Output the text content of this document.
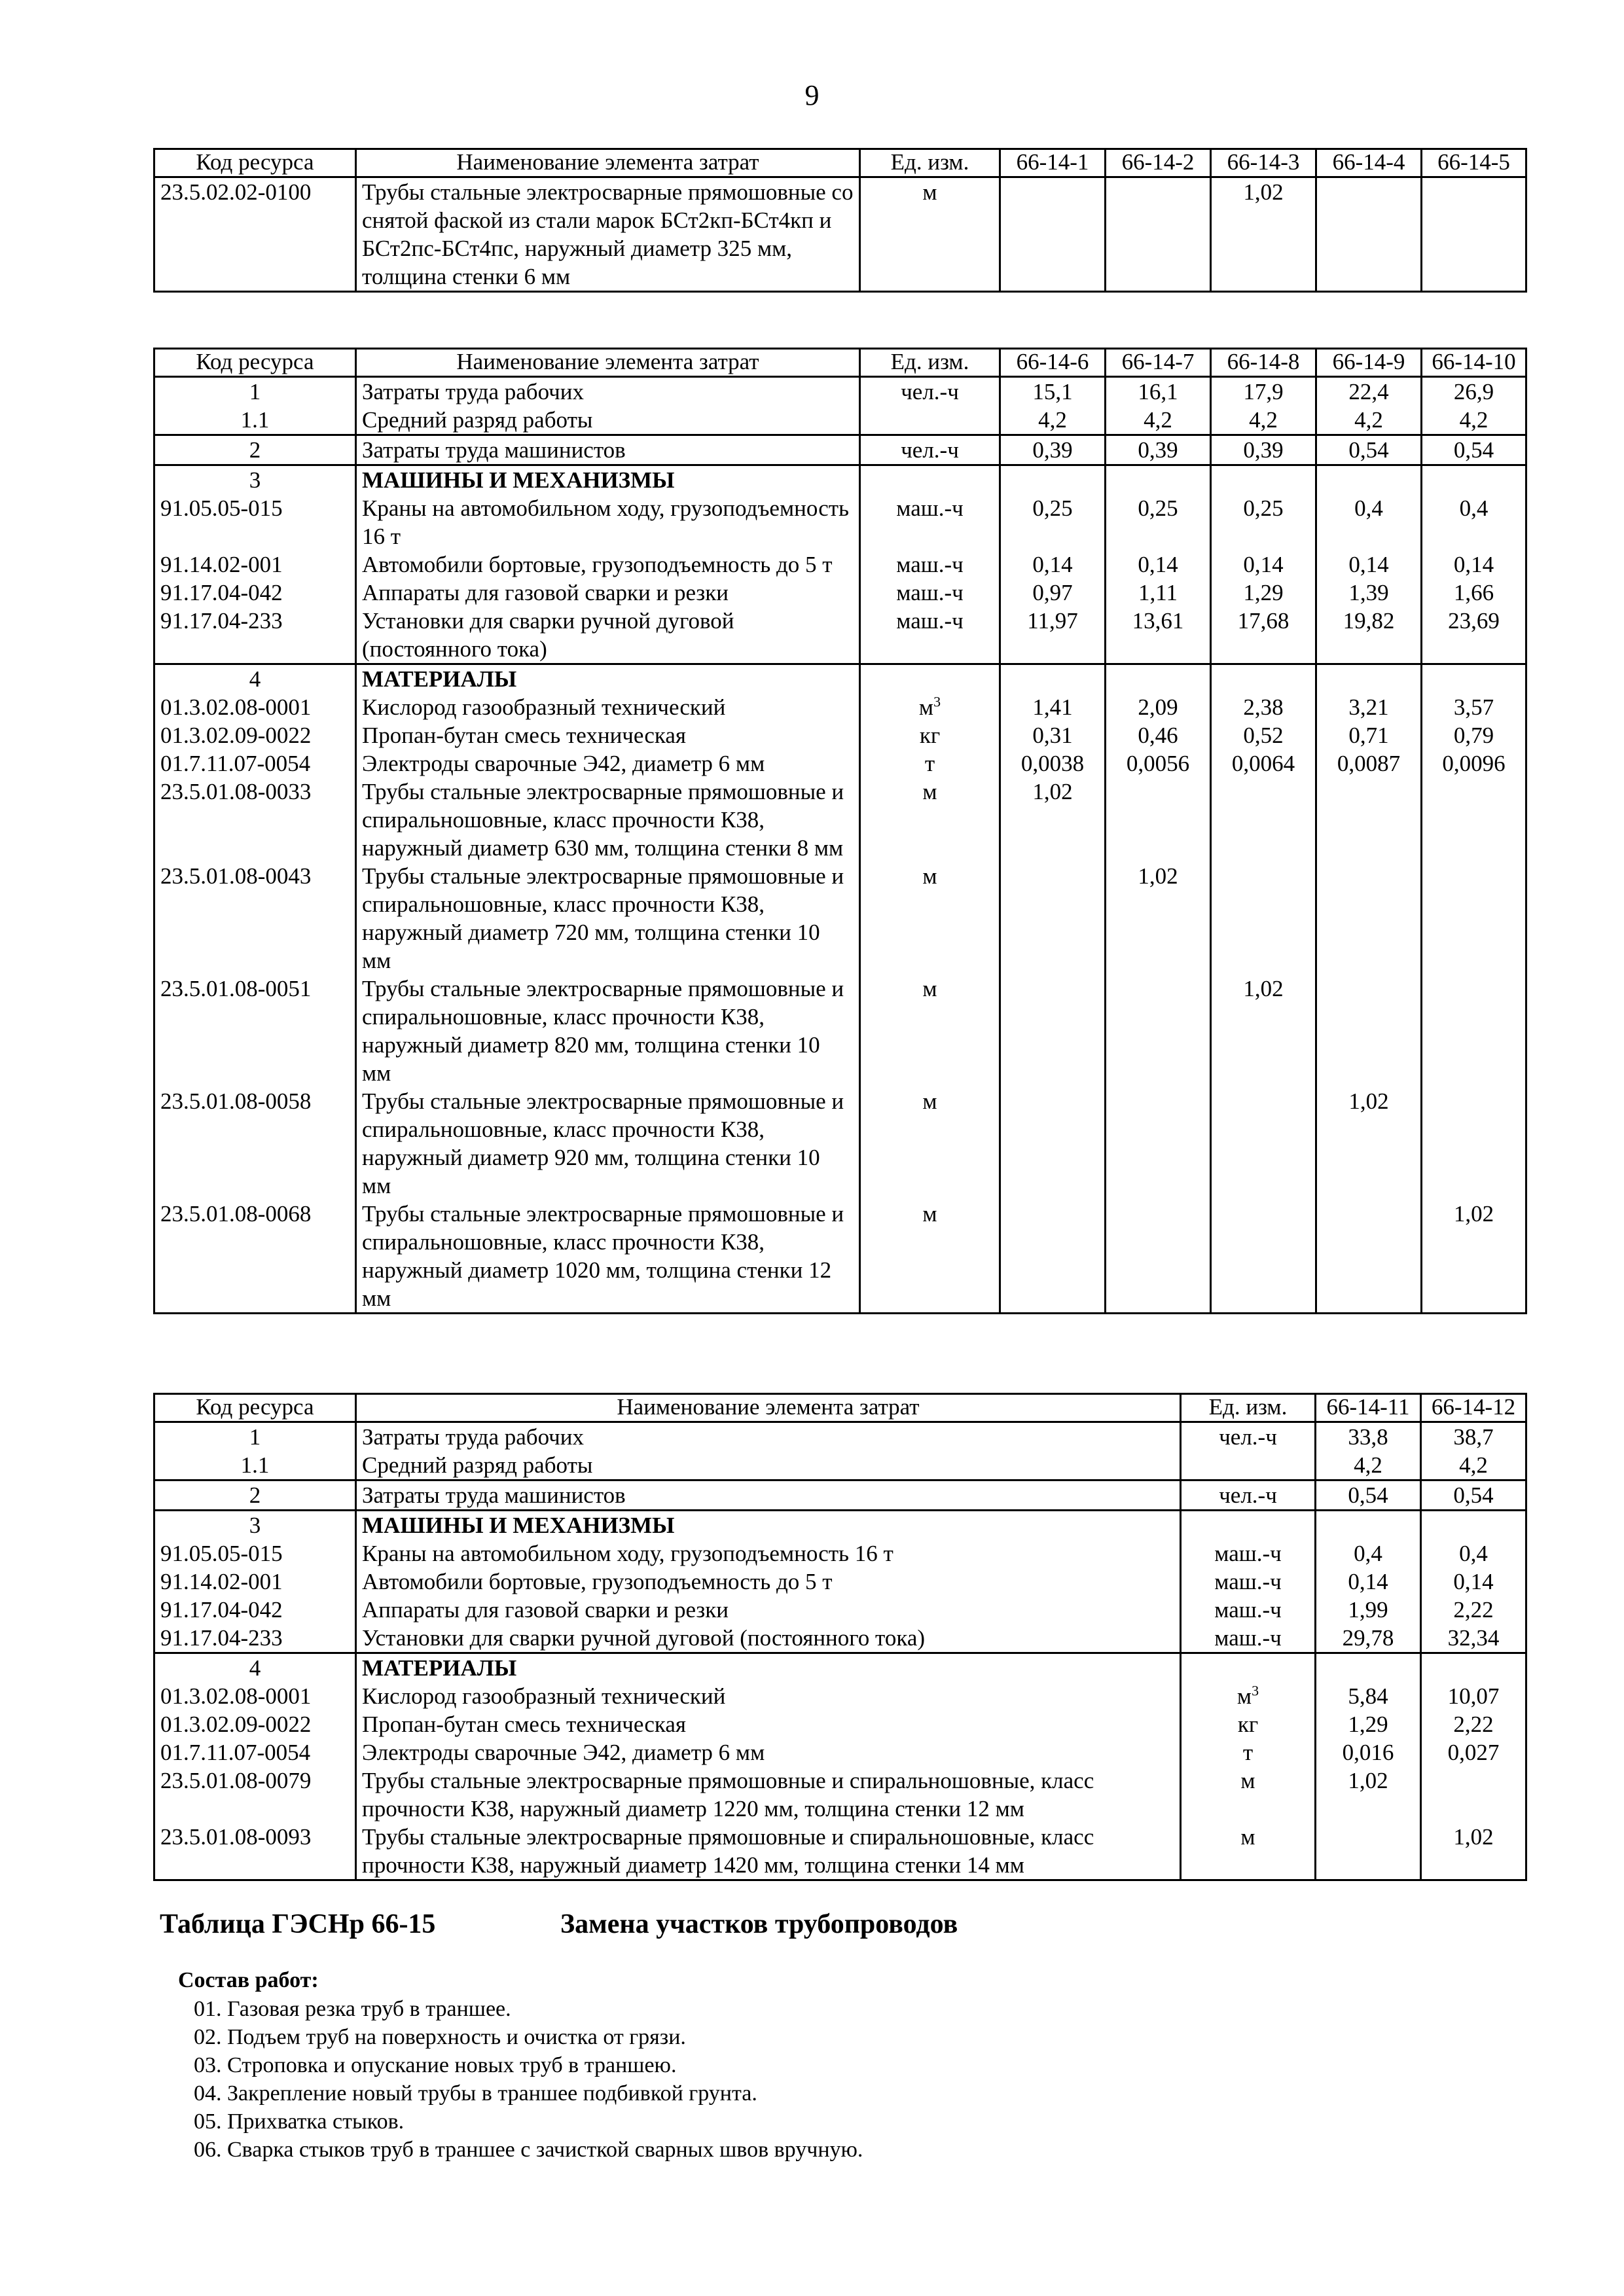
9
Код ресурса	Наименование элемента затрат	Ед. изм.	66-14-1	66-14-2	66-14-3	66-14-4	66-14-5
23.5.02.02-0100	Трубы стальные электросварные прямошовные со снятой фаской из стали марок БСт2кп-БСт4кп и БСт2пс-БСт4пс, наружный диаметр 325 мм, толщина стенки 6 мм	м			1,02		
Код ресурса	Наименование элемента затрат	Ед. изм.	66-14-6	66-14-7	66-14-8	66-14-9	66-14-10
1	Затраты труда рабочих	чел.-ч	15,1	16,1	17,9	22,4	26,9
1.1	Средний разряд работы		4,2	4,2	4,2	4,2	4,2
2	Затраты труда машинистов	чел.-ч	0,39	0,39	0,39	0,54	0,54
3	МАШИНЫ И МЕХАНИЗМЫ						
91.05.05-015	Краны на автомобильном ходу, грузоподъемность 16 т	маш.-ч	0,25	0,25	0,25	0,4	0,4
91.14.02-001	Автомобили бортовые, грузоподъемность до 5 т	маш.-ч	0,14	0,14	0,14	0,14	0,14
91.17.04-042	Аппараты для газовой сварки и резки	маш.-ч	0,97	1,11	1,29	1,39	1,66
91.17.04-233	Установки для сварки ручной дуговой (постоянного тока)	маш.-ч	11,97	13,61	17,68	19,82	23,69
4	МАТЕРИАЛЫ						
01.3.02.08-0001	Кислород газообразный технический	$м^3$	1,41	2,09	2,38	3,21	3,57
01.3.02.09-0022	Пропан-бутан смесь техническая	кг	0,31	0,46	0,52	0,71	0,79
01.7.11.07-0054	Электроды сварочные Э42, диаметр 6 мм	т	0,0038	0,0056	0,0064	0,0087	0,0096
23.5.01.08-0033	Трубы стальные электросварные прямошовные и спиральношовные, класс прочности К38, наружный диаметр 630 мм, толщина стенки 8 мм	м	1,02				
23.5.01.08-0043	Трубы стальные электросварные прямошовные и спиральношовные, класс прочности К38, наружный диаметр 720 мм, толщина стенки 10 мм	м		1,02			
23.5.01.08-0051	Трубы стальные электросварные прямошовные и спиральношовные, класс прочности К38, наружный диаметр 820 мм, толщина стенки 10 мм	м			1,02		
23.5.01.08-0058	Трубы стальные электросварные прямошовные и спиральношовные, класс прочности К38, наружный диаметр 920 мм, толщина стенки 10 мм	м				1,02	
23.5.01.08-0068	Трубы стальные электросварные прямошовные и спиральношовные, класс прочности К38, наружный диаметр 1020 мм, толщина стенки 12 мм	м					1,02
Код ресурса	Наименование элемента затрат	Ед. изм.	66-14-11	66-14-12
1	Затраты труда рабочих	чел.-ч	33,8	38,7
1.1	Средний разряд работы		4,2	4,2
2	Затраты труда машинистов	чел.-ч	0,54	0,54
3	МАШИНЫ И МЕХАНИЗМЫ			
91.05.05-015	Краны на автомобильном ходу, грузоподъемность 16 т	маш.-ч	0,4	0,4
91.14.02-001	Автомобили бортовые, грузоподъемность до 5 т	маш.-ч	0,14	0,14
91.17.04-042	Аппараты для газовой сварки и резки	маш.-ч	1,99	2,22
91.17.04-233	Установки для сварки ручной дуговой (постоянного тока)	маш.-ч	29,78	32,34
4	МАТЕРИАЛЫ			
01.3.02.08-0001	Кислород газообразный технический	$м^3$	5,84	10,07
01.3.02.09-0022	Пропан-бутан смесь техническая	кг	1,29	2,22
01.7.11.07-0054	Электроды сварочные Э42, диаметр 6 мм	т	0,016	0,027
23.5.01.08-0079	Трубы стальные электросварные прямошовные и спиральношовные, класс прочности К38, наружный диаметр 1220 мм, толщина стенки 12 мм	м	1,02	
23.5.01.08-0093	Трубы стальные электросварные прямошовные и спиральношовные, класс прочности К38, наружный диаметр 1420 мм, толщина стенки 14 мм	м		1,02
Таблица ГЭСНр 66-15	Замена участков трубопроводов
Состав работ:
01. Газовая резка труб в траншее.
02. Подъем труб на поверхность и очистка от грязи.
03. Строповка и опускание новых труб в траншею.
04. Закрепление новый трубы в траншее подбивкой грунта.
05. Прихватка стыков.
06. Сварка стыков труб в траншее с зачисткой сварных швов вручную.
